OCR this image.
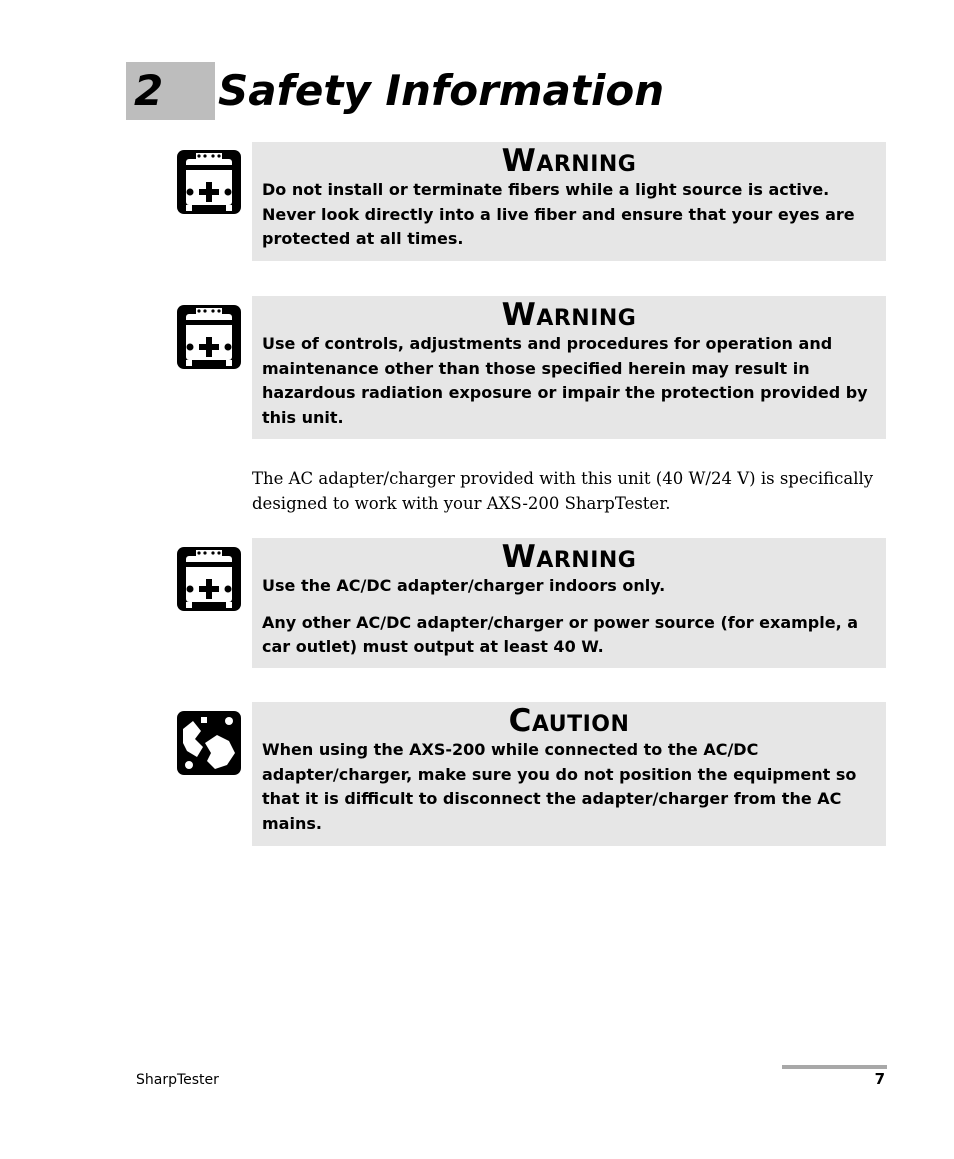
2 Safety Information
WARNING

Do not install or terminate fibers while a light source is active. Never look directly into a live fiber and ensure that your eyes are protected at all times.

WARNING

Use of controls, adjustments and procedures for operation and maintenance other than those specified herein may result in hazardous radiation exposure or impair the protection provided by this unit.

The AC adapter/charger provided with this unit (40 W/24 V) is specifically designed to work with your AXS-200 SharpTester.

WARNING

Use the AC/DC adapter/charger indoors only.

Any other AC/DC adapter/charger or power source (for example, a car outlet) must output at least 40 W.

CAUTION

When using the AXS-200 while connected to the AC/DC adapter/charger, make sure you do not position the equipment so that it is difficult to disconnect the adapter/charger from the AC mains.

SharpTester	7
